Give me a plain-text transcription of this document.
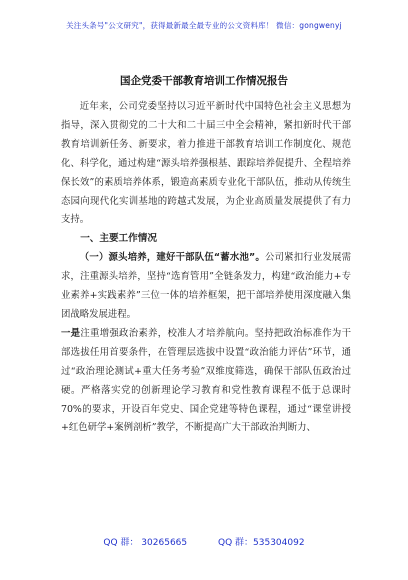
关注头条号"公文研究"，获得最新最全最专业的公文资料库！ 微信：gongwenyj
国企党委干部教育培训工作情况报告

近年来，公司党委坚持以习近平新时代中国特色社会主义思想为指导，深入贯彻党的二十大和二十届三中全会精神，紧扣新时代干部教育培训新任务、新要求，着力推进干部教育培训工作制度化、规范化、科学化，通过构建“源头培养强根基、跟踪培养促提升、全程培养保长效”的素质培养体系，锻造高素质专业化干部队伍，推动从传统生态园向现代化实训基地的跨越式发展，为企业高质量发展提供了有力支持。

一、主要工作情况

（一）源头培养，建好干部队伍“蓄水池”。公司紧扣行业发展需求，注重源头培养，坚持“选育管用”全链条发力，构建“政治能力+专业素养+实践素养”三位一体的培养框架，把干部培养使用深度融入集团战略发展进程。

一是注重增强政治素养，校准人才培养航向。坚持把政治标准作为干部选拔任用首要条件，在管理层选拔中设置“政治能力评估”环节，通过“政治理论测试+重大任务考验”双维度筛选，确保干部队伍政治过硬。严格落实党的创新理论学习教育和党性教育课程不低于总课时70%的要求，开设百年党史、国企党建等特色课程，通过“课堂讲授+红色研学+案例剖析”教学，不断提高广大干部政治判断力、

QQ 群： 30265665	QQ 群：535304092
